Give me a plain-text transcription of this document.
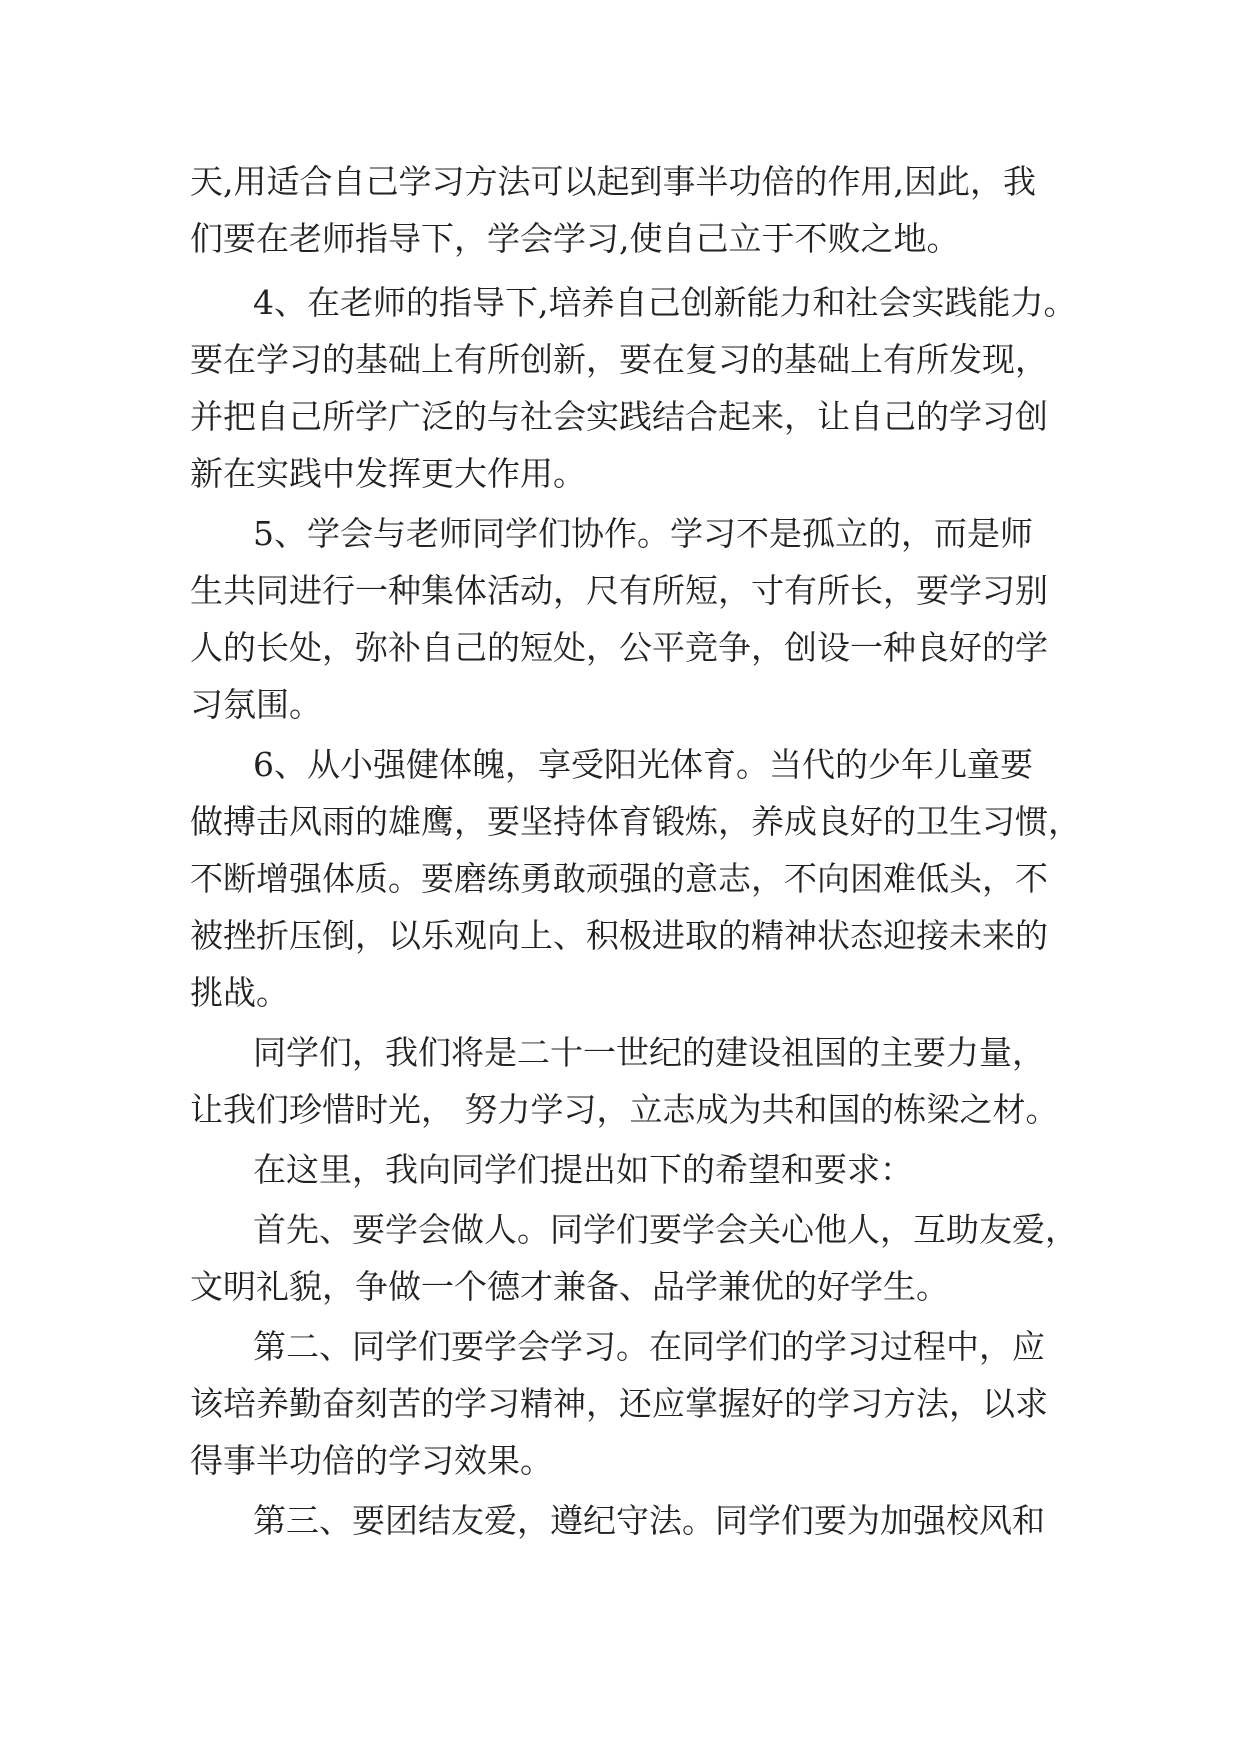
天,用适合自己学习方法可以起到事半功倍的作用,因此，我

们要在老师指导下，学会学习,使自己立于不败之地。

4、在老师的指导下,培养自己创新能力和社会实践能力。

要在学习的基础上有所创新，要在复习的基础上有所发现，

并把自己所学广泛的与社会实践结合起来，让自己的学习创

新在实践中发挥更大作用。

5、学会与老师同学们协作。学习不是孤立的，而是师

生共同进行一种集体活动，尺有所短，寸有所长，要学习别

人的长处，弥补自己的短处，公平竞争，创设一种良好的学

习氛围。

6、从小强健体魄，享受阳光体育。当代的少年儿童要

做搏击风雨的雄鹰，要坚持体育锻炼，养成良好的卫生习惯，

不断增强体质。要磨练勇敢顽强的意志，不向困难低头，不

被挫折压倒，以乐观向上、积极进取的精神状态迎接未来的

挑战。

同学们，我们将是二十一世纪的建设祖国的主要力量，

让我们珍惜时光， 努力学习，立志成为共和国的栋梁之材。

在这里，我向同学们提出如下的希望和要求：

首先、要学会做人。同学们要学会关心他人，互助友爱，

文明礼貌，争做一个德才兼备、品学兼优的好学生。

第二、同学们要学会学习。在同学们的学习过程中，应

该培养勤奋刻苦的学习精神，还应掌握好的学习方法，以求

得事半功倍的学习效果。

第三、要团结友爱，遵纪守法。同学们要为加强校风和
